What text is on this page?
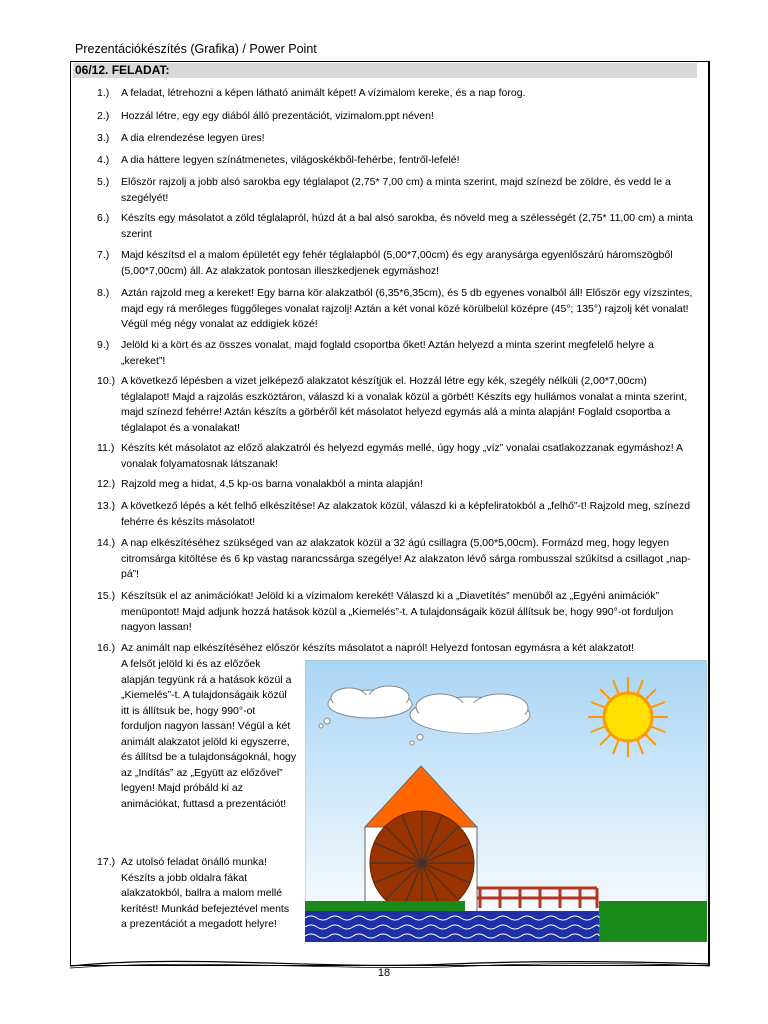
Prezentációkészítés (Grafika) / Power Point
06/12. FELADAT:
1.) A feladat, létrehozni a képen látható animált képet! A vízimalom kereke, és a nap forog.
2.) Hozzál létre, egy egy diából álló prezentációt, vizimalom.ppt néven!
3.) A dia elrendezése legyen üres!
4.) A dia háttere legyen színátmenetes, világoskékből-fehérbe, fentről-lefelé!
5.) Először rajzolj a jobb alsó sarokba egy téglalapot (2,75* 7,00 cm) a minta szerint, majd színezd be zöldre, és vedd le a szegélyét!
6.) Készíts egy másolatot a zöld téglalapról, húzd át a bal alsó sarokba, és növeld meg a szélességét (2,75* 11,00 cm) a minta szerint
7.) Majd készítsd el a malom épületét egy fehér téglalapból (5,00*7,00cm) és egy aranysárga egyenlőszárú háromszögből (5,00*7,00cm) áll. Az alakzatok pontosan illeszkedjenek egymáshoz!
8.) Aztán rajzold meg a kereket! Egy barna kör alakzatból (6,35*6,35cm), és 5 db egyenes vonalból áll! Először egy vízszintes, majd egy rá merőleges függőleges vonalat rajzolj! Aztán a két vonal közé körülbelül középre (45°; 135°) rajzolj két vonalat! Végül még négy vonalat az eddigiek közé!
9.) Jelöld ki a kört és az összes vonalat, majd foglald csoportba őket! Aztán helyezd a minta szerint megfelelő helyre a „kereket”!
10.) A következő lépésben a vizet jelképező alakzatot készítjük el. Hozzál létre egy kék, szegély nélküli (2,00*7,00cm) téglalapot! Majd a rajzolás eszköztáron, válaszd ki a vonalak közül a görbét! Készíts egy hullámos vonalat a minta szerint, majd színezd fehérre! Aztán készíts a görbéről két másolatot helyezd egymás alá a minta alapján! Foglald csoportba a téglalapot és a vonalakat!
11.) Készíts két másolatot az előző alakzatról és helyezd egymás mellé, úgy hogy „víz” vonalai csatlakozzanak egymáshoz! A vonalak folyamatosnak látszanak!
12.) Rajzold meg a hidat, 4,5 kp-os barna vonalakból a minta alapján!
13.) A következő lépés a két felhő elkészítése! Az alakzatok közül, válaszd ki a képfeliratokból a „felhő”-t! Rajzold meg, színezd fehérre és készíts másolatot!
14.) A nap elkészítéséhez szükséged van az alakzatok közül a 32 ágú csillagra (5,00*5,00cm). Formázd meg, hogy legyen citromsárga kitöltése és 6 kp vastag narancssárga szegélye! Az alakzaton lévő sárga rombusszal szűkítsd a csillagot „nap-pá”!
15.) Készítsük el az animációkat! Jelöld ki a vízimalom kerekét! Válaszd ki a „Diavetítés” menüből az „Egyéni animációk” menüpontot! Majd adjunk hozzá hatások közül a „Kiemelés”-t. A tulajdonságaik közül állítsuk be, hogy 990°-ot forduljon nagyon lassan!
16.) Az animált nap elkészítéséhez először készíts másolatot a napról! Helyezd fontosan egymásra a két alakzatot!
A felsőt jelöld ki és az előzőek alapján tegyünk rá a hatások közül a „Kiemelés”-t. A tulajdonságaik közül itt is állítsuk be, hogy 990°-ot forduljon nagyon lassan! Végül a két animált alakzatot jelöld ki egyszerre, és állítsd be a tulajdonságoknál, hogy az „Indítás” az „Együtt az előzővel” legyen! Majd próbáld ki az animációkat, futtasd a prezentációt!
17.) Az utolsó feladat önálló munka! Készíts a jobb oldalra fákat alakzatokból, ballra a malom mellé kerítést! Munkád befejeztével ments a prezentációt a megadott helyre!
18
